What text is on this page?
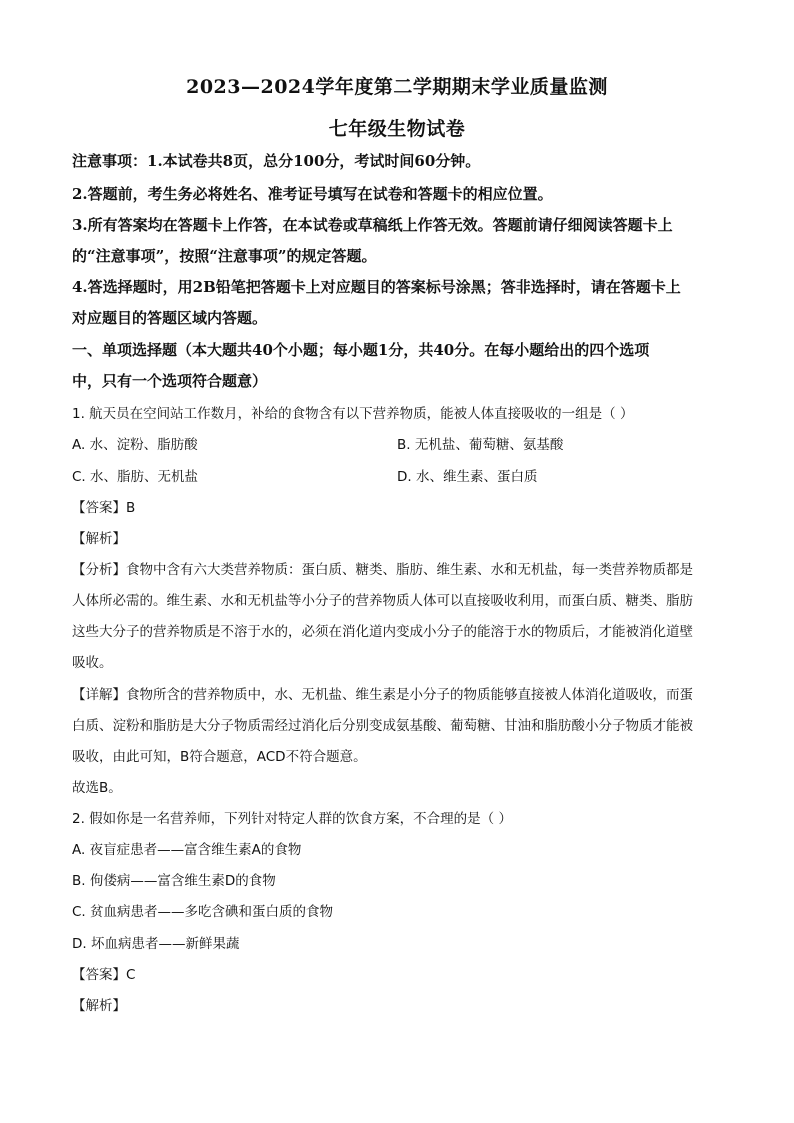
2023—2024学年度第二学期期末学业质量监测
七年级生物试卷
注意事项：1.本试卷共8页，总分100分，考试时间60分钟。
2.答题前，考生务必将姓名、准考证号填写在试卷和答题卡的相应位置。
3.所有答案均在答题卡上作答，在本试卷或草稿纸上作答无效。答题前请仔细阅读答题卡上
的“注意事项”，按照“注意事项”的规定答题。
4.答选择题时，用2B铅笔把答题卡上对应题目的答案标号涂黑；答非选择时，请在答题卡上
对应题目的答题区域内答题。
一、单项选择题（本大题共40个小题；每小题1分，共40分。在每小题给出的四个选项
中，只有一个选项符合题意）
1. 航天员在空间站工作数月，补给的食物含有以下营养物质，能被人体直接吸收的一组是（ ）
A. 水、淀粉、脂肪酸	B. 无机盐、葡萄糖、氨基酸
C. 水、脂肪、无机盐	D. 水、维生素、蛋白质
【答案】B
【解析】
【分析】食物中含有六大类营养物质：蛋白质、糖类、脂肪、维生素、水和无机盐，每一类营养物质都是
人体所必需的。维生素、水和无机盐等小分子的营养物质人体可以直接吸收利用，而蛋白质、糖类、脂肪
这些大分子的营养物质是不溶于水的，必须在消化道内变成小分子的能溶于水的物质后，才能被消化道壁
吸收。
【详解】食物所含的营养物质中，水、无机盐、维生素是小分子的物质能够直接被人体消化道吸收，而蛋
白质、淀粉和脂肪是大分子物质需经过消化后分别变成氨基酸、葡萄糖、甘油和脂肪酸小分子物质才能被
吸收，由此可知，B符合题意，ACD不符合题意。
故选B。
2. 假如你是一名营养师，下列针对特定人群的饮食方案，不合理的是（ ）
A. 夜盲症患者——富含维生素A的食物
B. 佝偻病——富含维生素D的食物
C. 贫血病患者——多吃含碘和蛋白质的食物
D. 坏血病患者——新鲜果蔬
【答案】C
【解析】
